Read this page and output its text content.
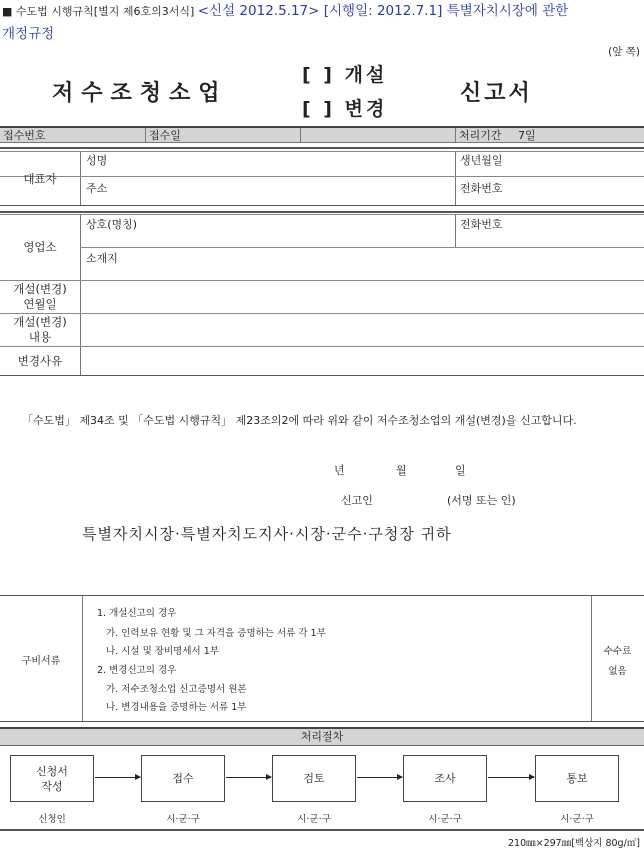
■ 수도법 시행규칙[별지 제6호의3서식] <신설 2012.5.17> [시행일: 2012.7.1] 특별자치시장에 관한
개정규정
(앞 쪽)
저수조청소업
[ ] 개설
[ ] 변경
신고서
접수번호	접수일	처리기간 7일
대표자
성명	생년월일
주소	전화번호
영업소
상호(명칭)	전화번호
소재지
개설(변경)
연월일
개설(변경)
내용
변경사유
「수도법」 제34조 및 「수도법 시행규칙」 제23조의2에 따라 위와 같이 저수조청소업의 개설(변경)을 신고합니다.
년	월	일
신고인	(서명 또는 인)
특별자치시장·특별자치도지사·시장·군수·구청장 귀하
구비서류
1. 개설신고의 경우
가. 인력보유 현황 및 그 자격을 증명하는 서류 각 1부
나. 시설 및 장비명세서 1부
2. 변경신고의 경우
가. 저수조청소업 신고증명서 원본
나. 변경내용을 증명하는 서류 1부
수수료
없음
처리절차
신청서
작성
접수	검토	조사	통보
신청인	시·군·구	시·군·구	시·군·구	시·군·구
210㎜×297㎜[백상지 80g/㎡]
